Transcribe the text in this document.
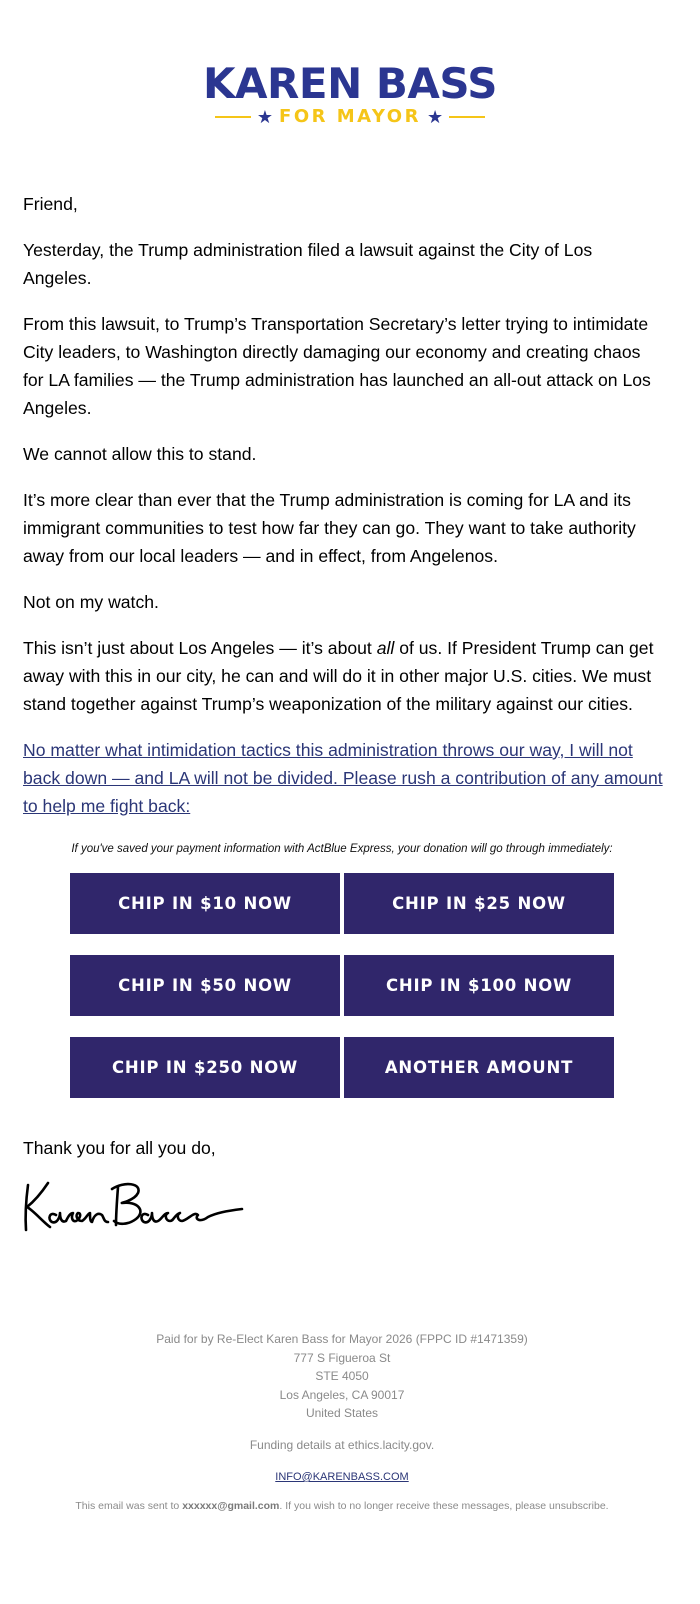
KAREN BASS
★ FOR MAYOR ★

Friend,

Yesterday, the Trump administration filed a lawsuit against the City of Los Angeles.

From this lawsuit, to Trump’s Transportation Secretary’s letter trying to intimidate City leaders, to Washington directly damaging our economy and creating chaos for LA families — the Trump administration has launched an all-out attack on Los Angeles.

We cannot allow this to stand.

It’s more clear than ever that the Trump administration is coming for LA and its immigrant communities to test how far they can go. They want to take authority away from our local leaders — and in effect, from Angelenos.

Not on my watch.

This isn’t just about Los Angeles — it’s about all of us. If President Trump can get away with this in our city, he can and will do it in other major U.S. cities. We must stand together against Trump’s weaponization of the military against our cities.

No matter what intimidation tactics this administration throws our way, I will not back down — and LA will not be divided. Please rush a contribution of any amount to help me fight back:

If you've saved your payment information with ActBlue Express, your donation will go through immediately:
CHIP IN $10 NOW	CHIP IN $25 NOW
CHIP IN $50 NOW	CHIP IN $100 NOW
CHIP IN $250 NOW	ANOTHER AMOUNT
Thank you for all you do,
Paid for by Re-Elect Karen Bass for Mayor 2026 (FPPC ID #1471359)
777 S Figueroa St
STE 4050
Los Angeles, CA 90017
United States
Funding details at ethics.lacity.gov.
INFO@KARENBASS.COM
This email was sent to xxxxxx@gmail.com. If you wish to no longer receive these messages, please unsubscribe.
